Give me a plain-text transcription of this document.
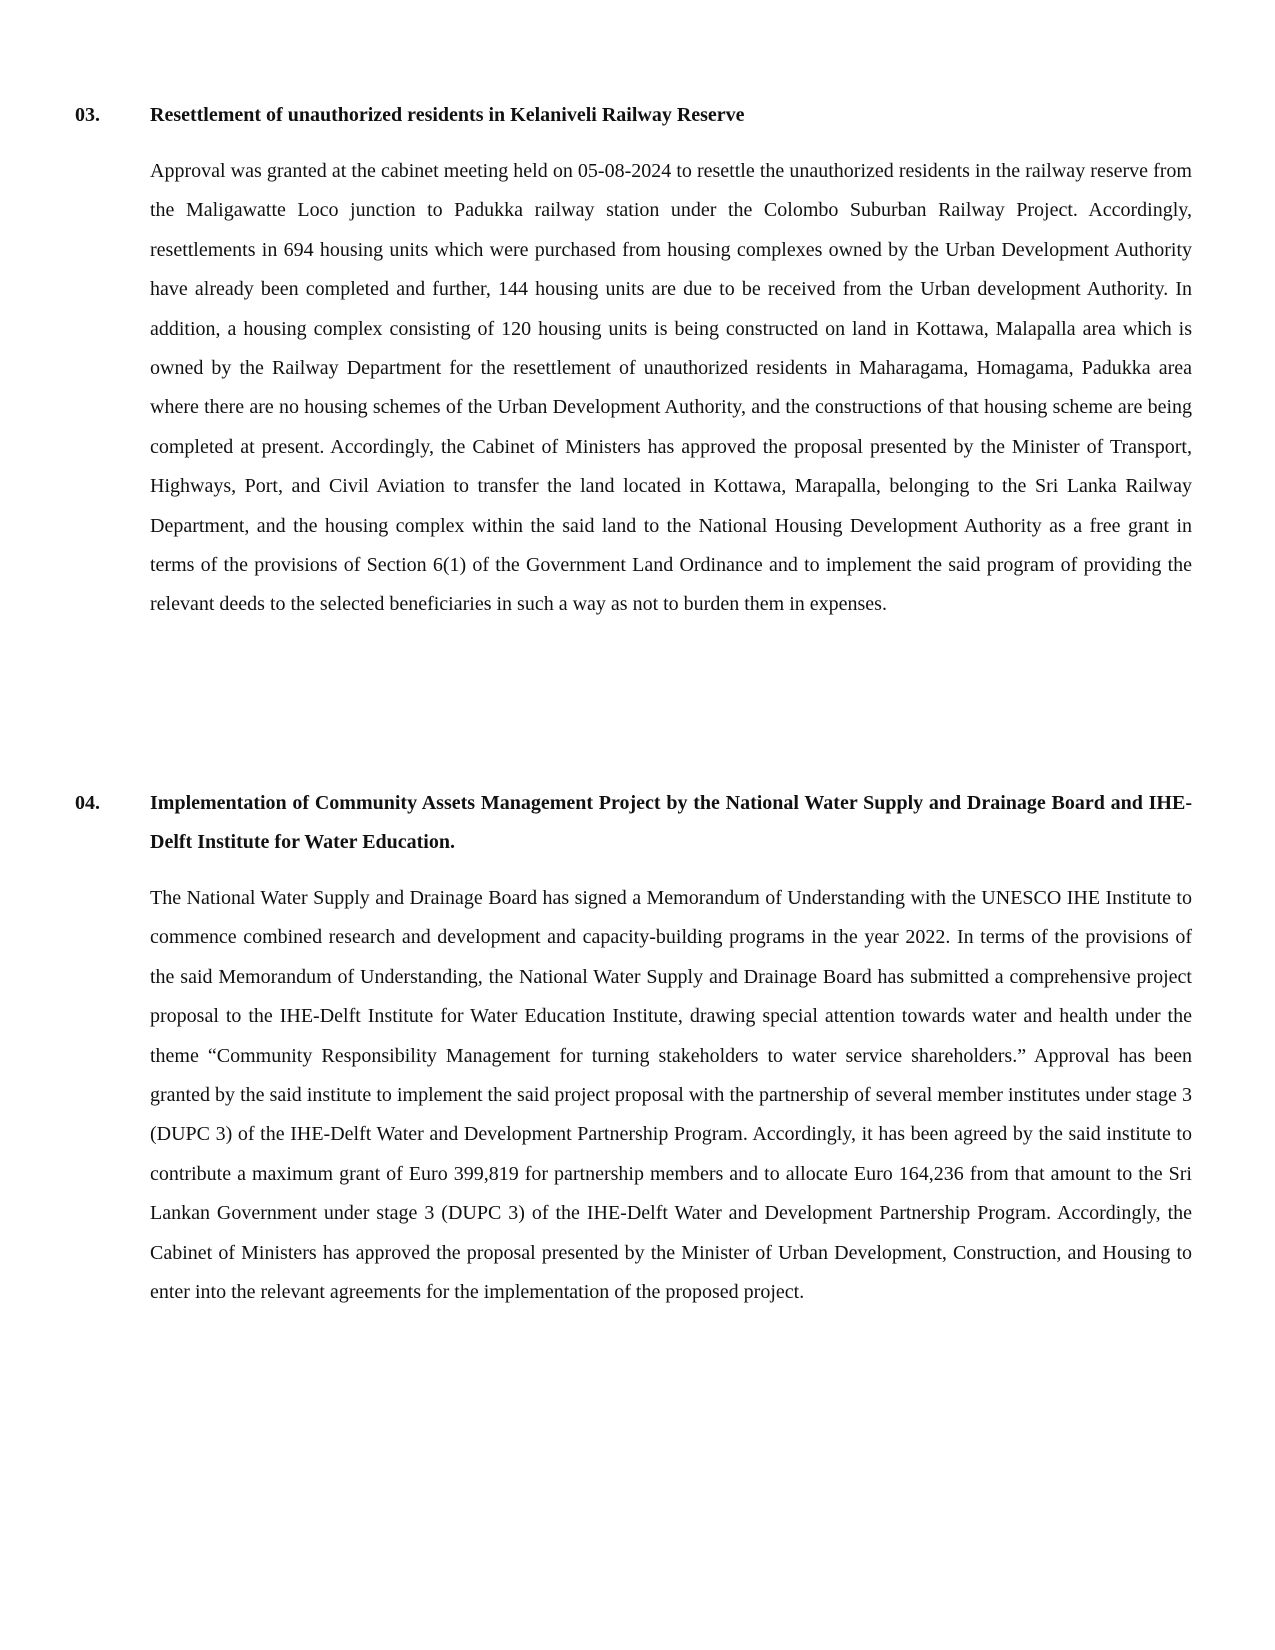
03.	Resettlement of unauthorized residents in Kelaniveli Railway Reserve
Approval was granted at the cabinet meeting held on 05-08-2024 to resettle the unauthorized residents in the railway reserve from the Maligawatte Loco junction to Padukka railway station under the Colombo Suburban Railway Project. Accordingly, resettlements in 694 housing units which were purchased from housing complexes owned by the Urban Development Authority have already been completed and further, 144 housing units are due to be received from the Urban development Authority. In addition, a housing complex consisting of 120 housing units is being constructed on land in Kottawa, Malapalla area which is owned by the Railway Department for the resettlement of unauthorized residents in Maharagama, Homagama, Padukka area where there are no housing schemes of the Urban Development Authority, and the constructions of that housing scheme are being completed at present. Accordingly, the Cabinet of Ministers has approved the proposal presented by the Minister of Transport, Highways, Port, and Civil Aviation to transfer the land located in Kottawa, Marapalla, belonging to the Sri Lanka Railway Department, and the housing complex within the said land to the National Housing Development Authority as a free grant in terms of the provisions of Section 6(1) of the Government Land Ordinance and to implement the said program of providing the relevant deeds to the selected beneficiaries in such a way as not to burden them in expenses.
04.	Implementation of Community Assets Management Project by the National Water Supply and Drainage Board and IHE-Delft Institute for Water Education.
The National Water Supply and Drainage Board has signed a Memorandum of Understanding with the UNESCO IHE Institute to commence combined research and development and capacity-building programs in the year 2022. In terms of the provisions of the said Memorandum of Understanding, the National Water Supply and Drainage Board has submitted a comprehensive project proposal to the IHE-Delft Institute for Water Education Institute, drawing special attention towards water and health under the theme “Community Responsibility Management for turning stakeholders to water service shareholders.” Approval has been granted by the said institute to implement the said project proposal with the partnership of several member institutes under stage 3 (DUPC 3) of the IHE-Delft Water and Development Partnership Program. Accordingly, it has been agreed by the said institute to contribute a maximum grant of Euro 399,819 for partnership members and to allocate Euro 164,236 from that amount to the Sri Lankan Government under stage 3 (DUPC 3) of the IHE-Delft Water and Development Partnership Program. Accordingly, the Cabinet of Ministers has approved the proposal presented by the Minister of Urban Development, Construction, and Housing to enter into the relevant agreements for the implementation of the proposed project.
